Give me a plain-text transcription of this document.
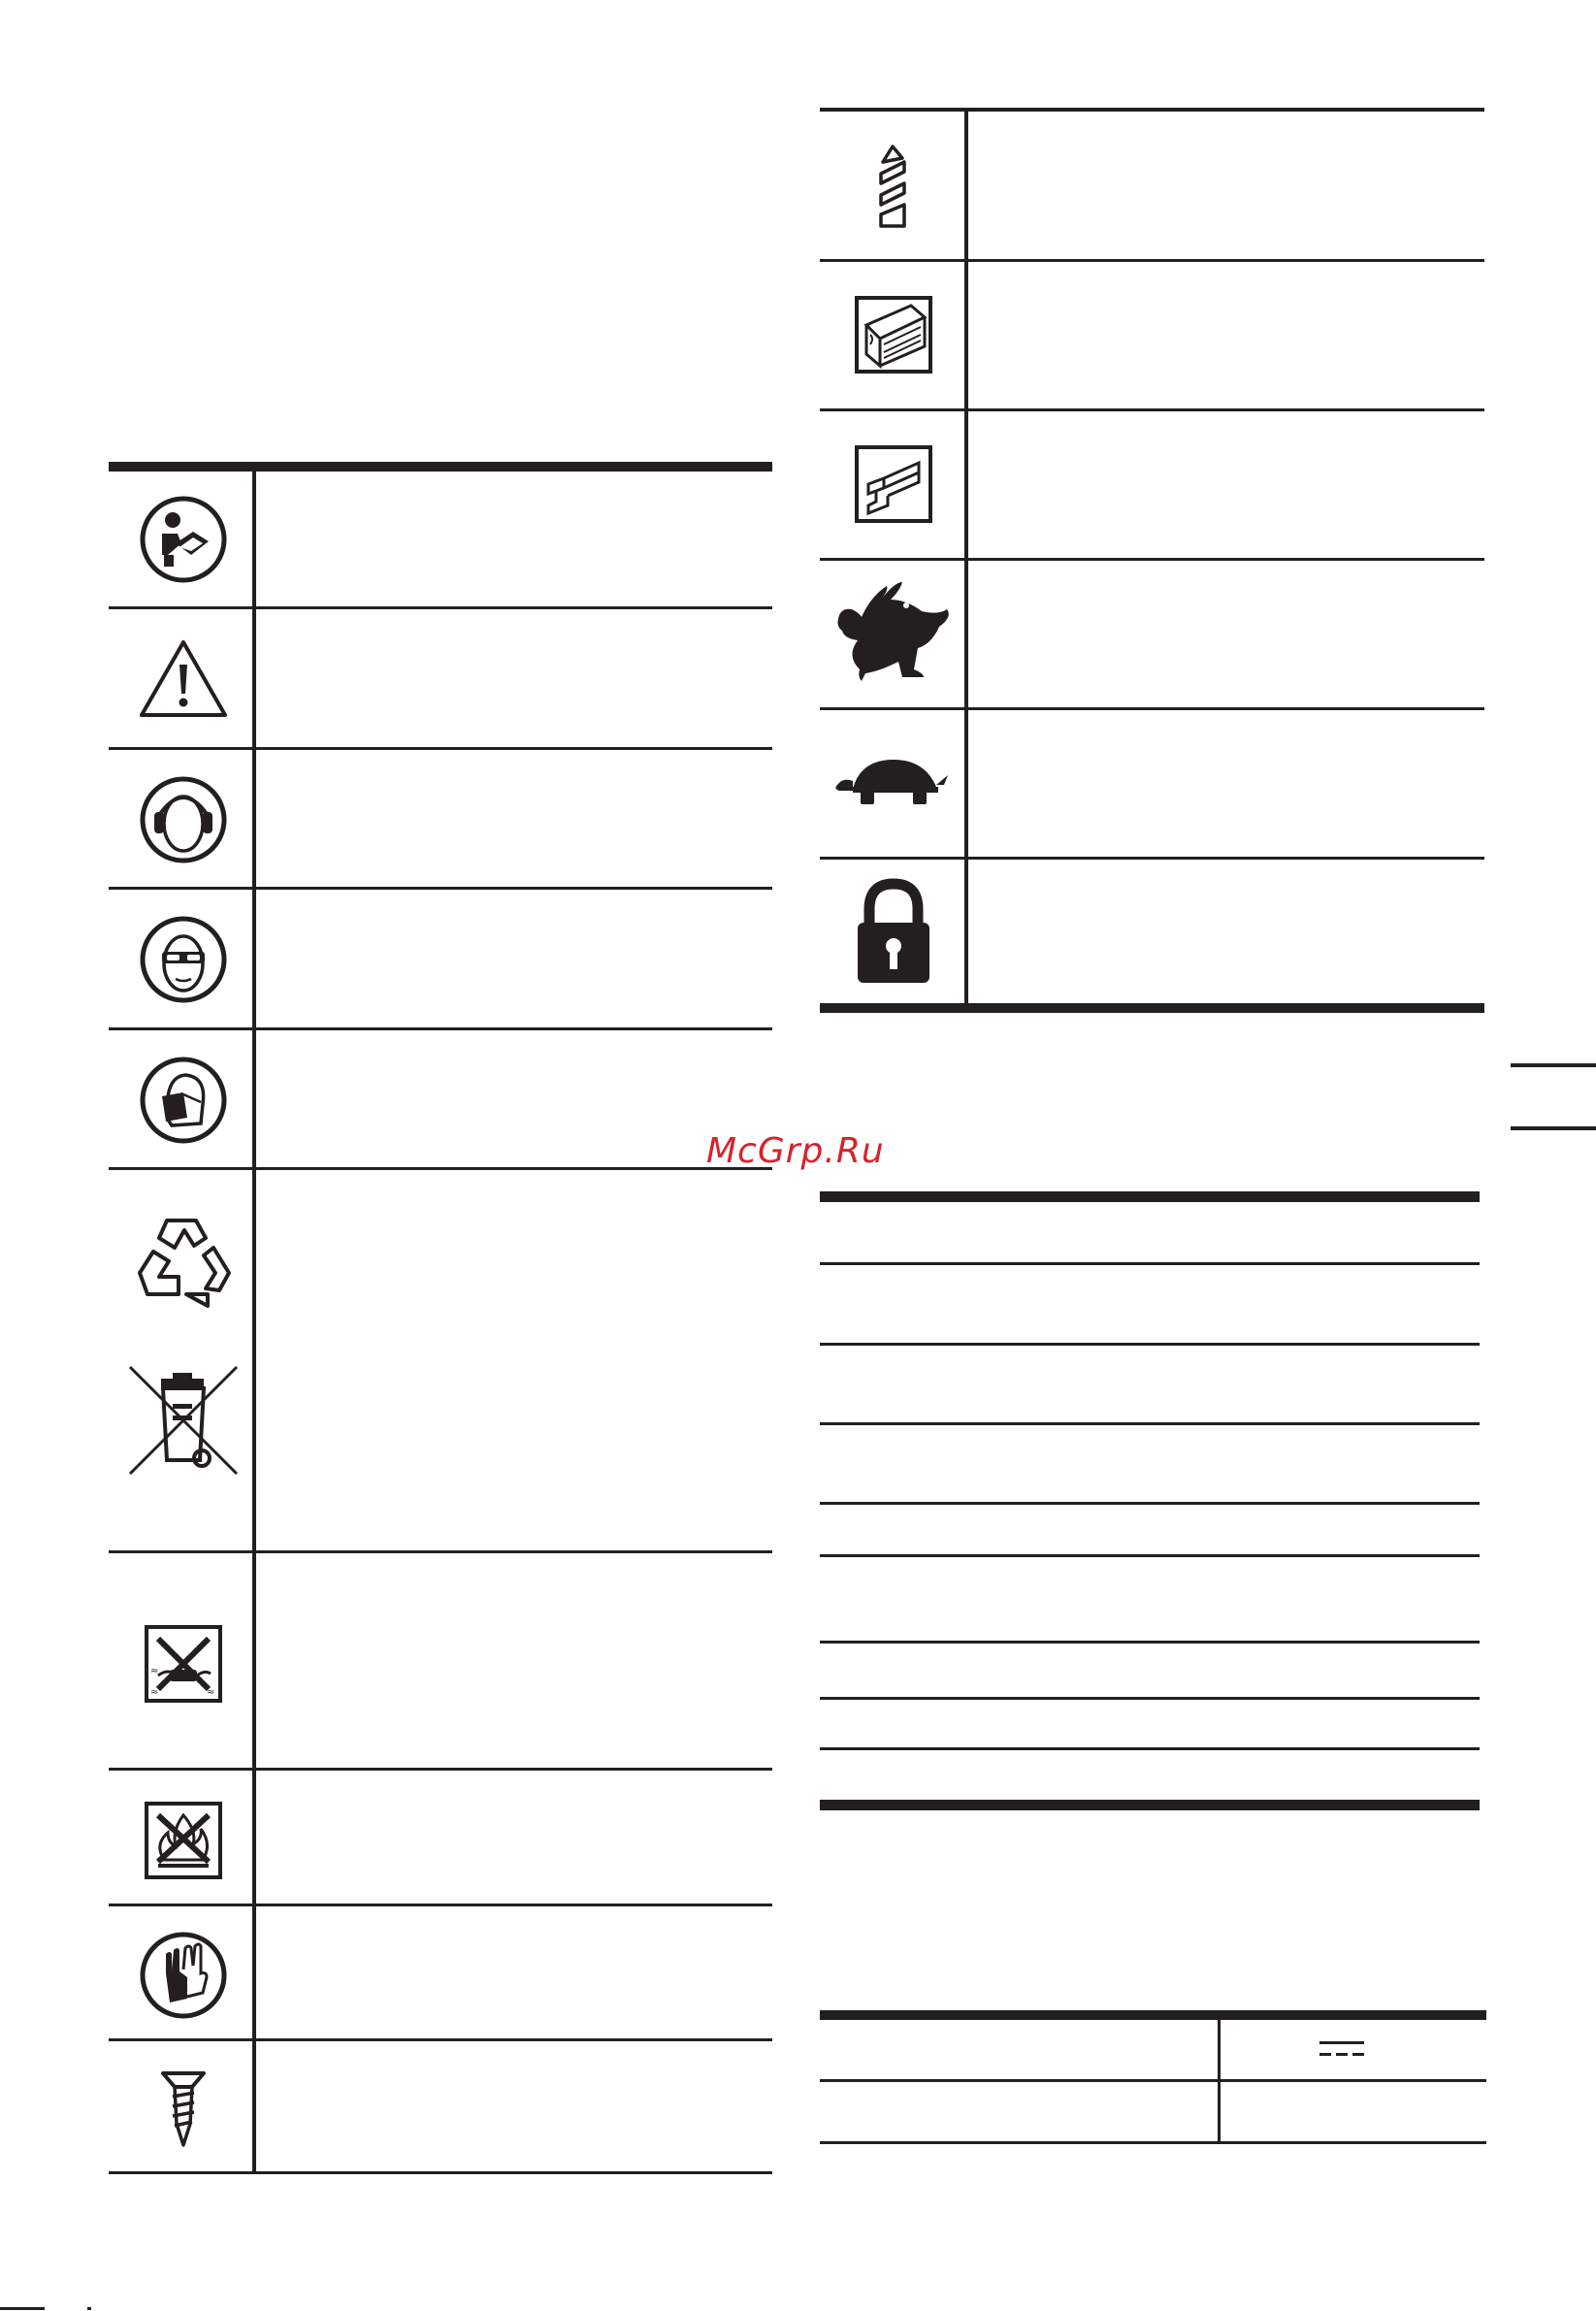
≈
≈	≈
McGrp.Ru
